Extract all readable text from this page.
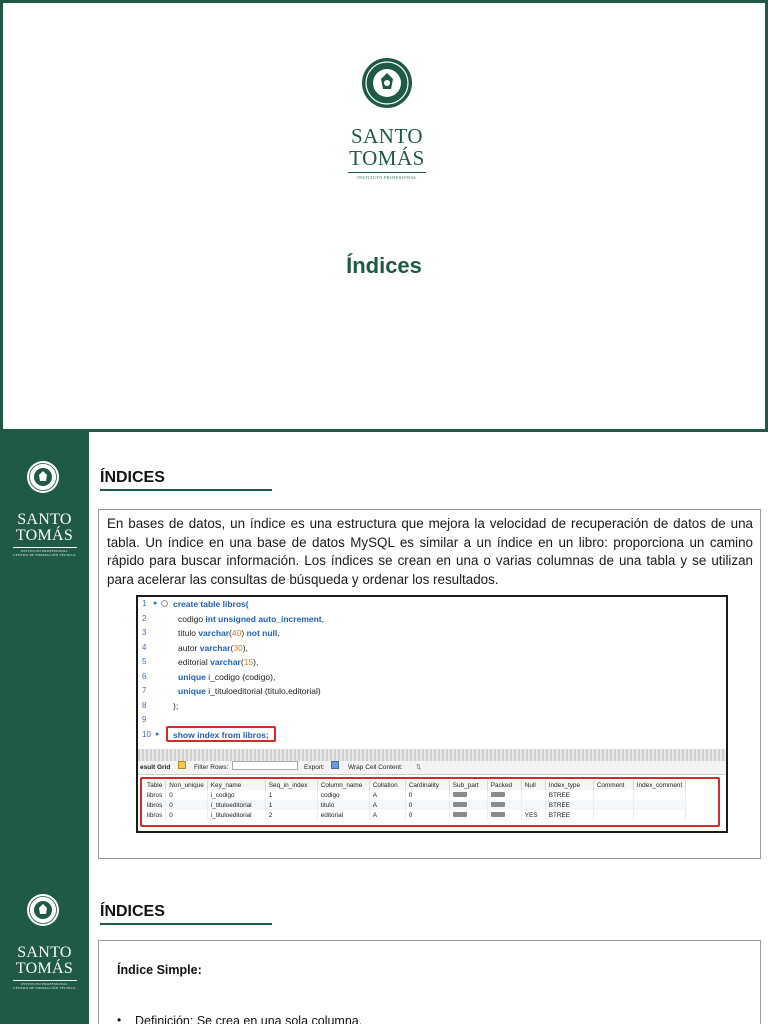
SANTO
TOMÁS
INSTITUTO PROFESIONAL
Índices
SANTO
TOMÁS
INSTITUTO PROFESIONAL
CENTRO DE FORMACIÓN TÉCNICA
ÍNDICES

En bases de datos, un índice es una estructura que mejora la velocidad de recuperación de datos de una tabla. Un índice en una base de datos MySQL es similar a un índice en un libro: proporciona un camino rápido para buscar información. Los índices se crean en una o varias columnas de una tabla y se utilizan para acelerar las consultas de búsqueda y ordenar los resultados.

1 ● create table libros(
2	codigo int unsigned auto_increment,
3	titulo varchar(40) not null,
4	autor varchar(30),
5	editorial varchar(15),
6	unique i_codigo (codigo),
7	unique i_tituloeditorial (titulo,editorial)
8	);
9
10 ● show index from libros;
esult Grid	Filter Rows:	Export:	Wrap Cell Content: ⇅
Table	Non_unique	Key_name	Seq_in_index	Column_name	Collation	Cardinality	Sub_part	Packed	Null	Index_type	Comment	Index_comment
libros	0	i_codigo	1	codigo	A	0				BTREE		
libros	0	i_tituloeditorial	1	titulo	A	0				BTREE		
libros	0	i_tituloeditorial	2	editorial	A	0			YES	BTREE		
SANTO
TOMÁS
INSTITUTO PROFESIONAL
CENTRO DE FORMACIÓN TÉCNICA
ÍNDICES
Índice Simple:
• Definición: Se crea en una sola columna.
